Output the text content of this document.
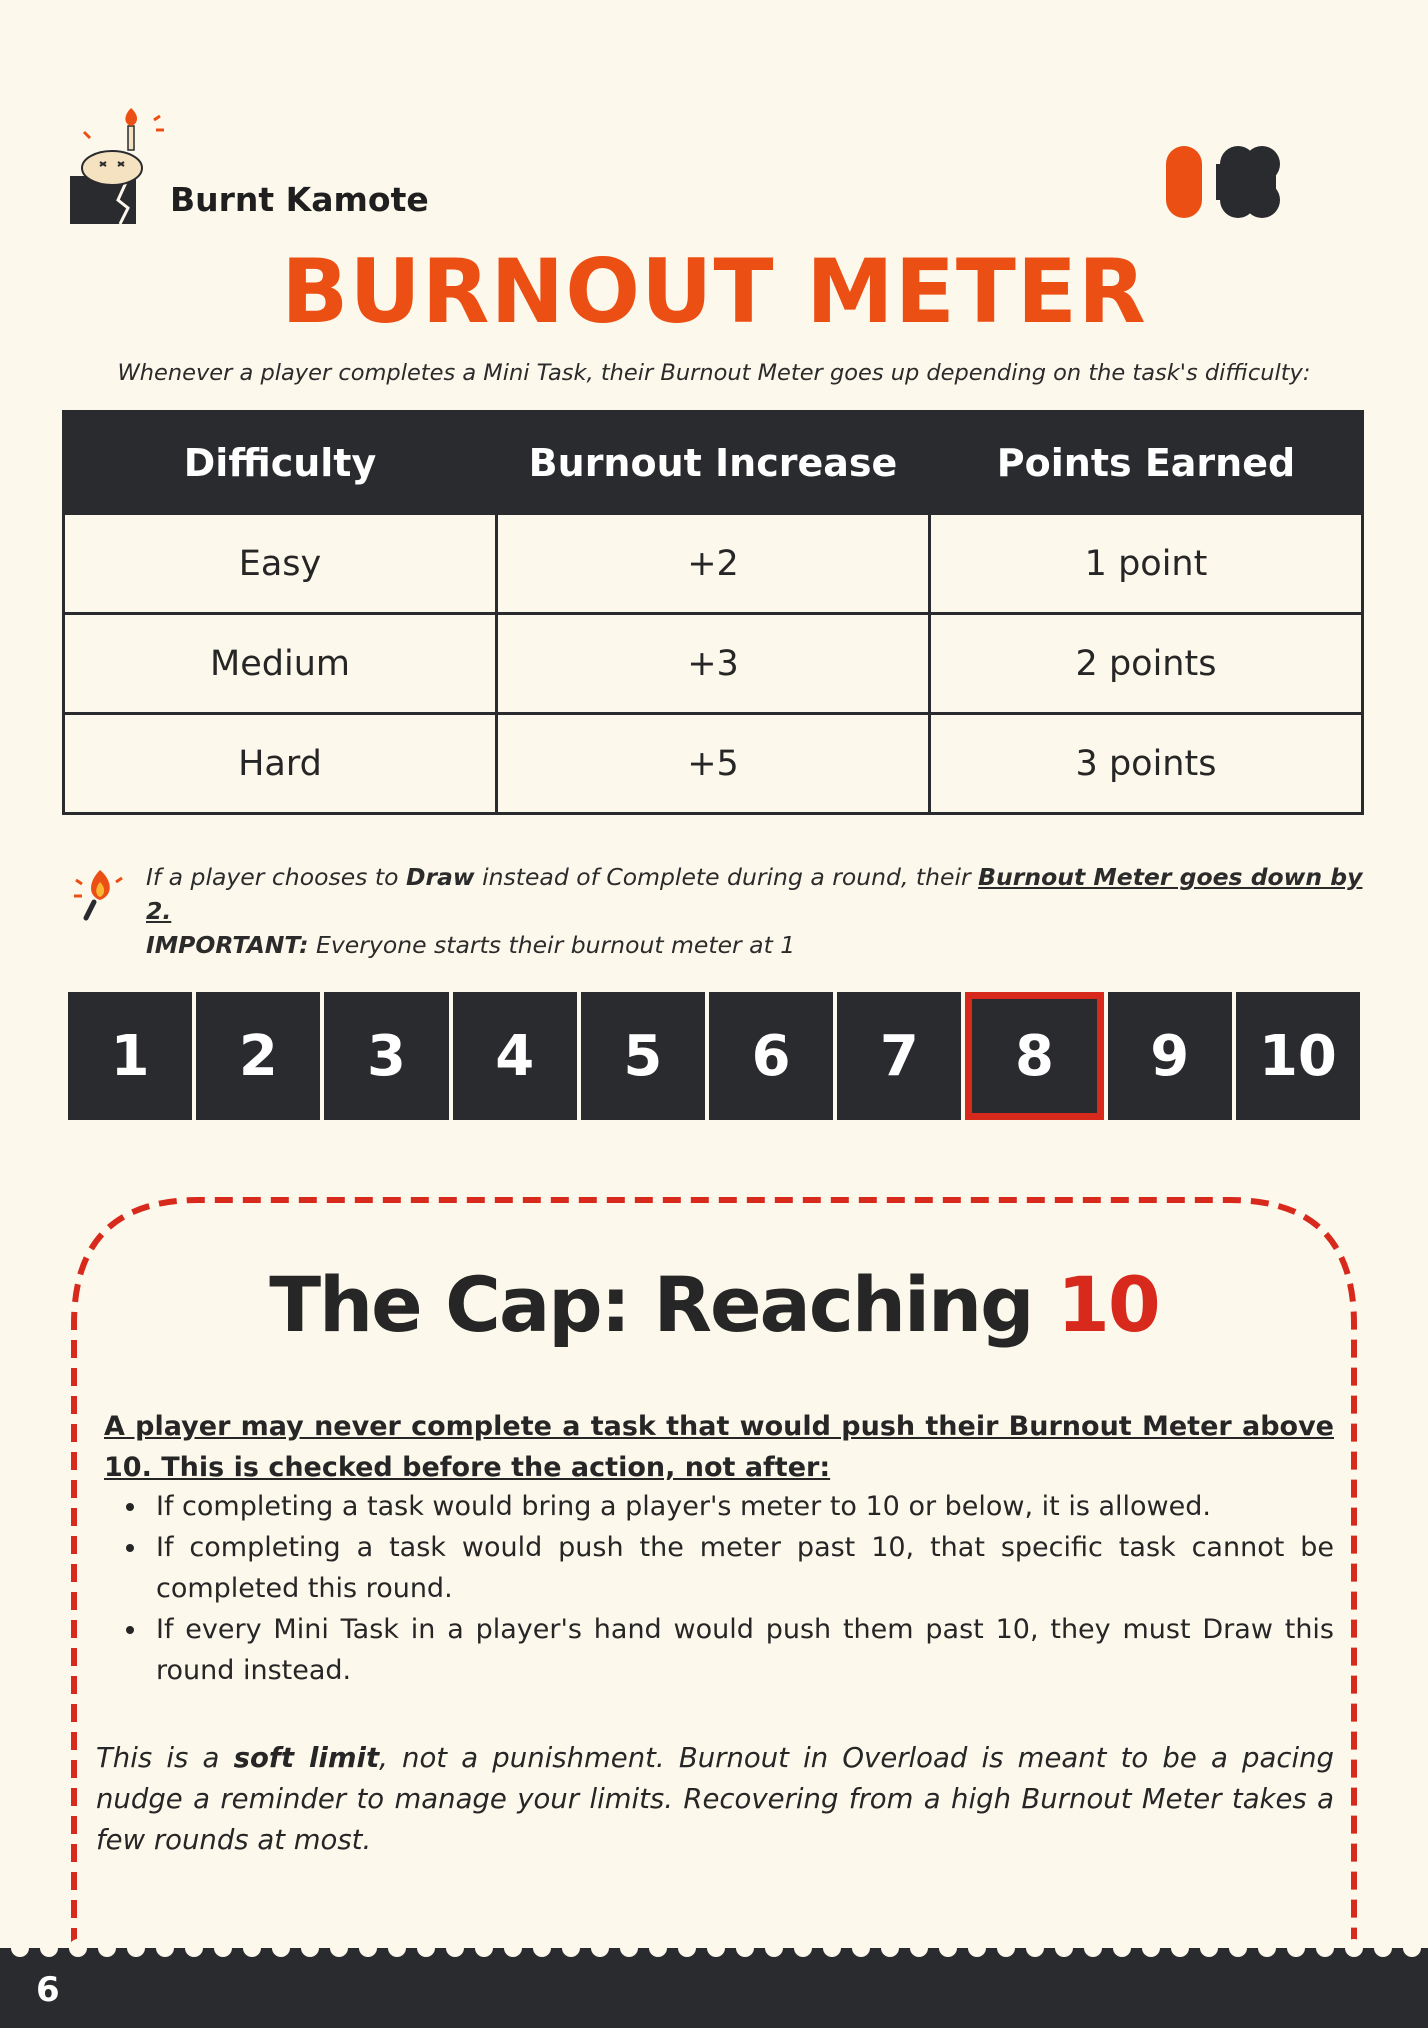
Burnt Kamote
BURNOUT METER
Whenever a player completes a Mini Task, their Burnout Meter goes up depending on the task's difficulty:
Difficulty	Burnout Increase	Points Earned
Easy	+2	1 point
Medium	+3	2 points
Hard	+5	3 points

If a player chooses to Draw instead of Complete during a round, their Burnout Meter goes down by 2.

IMPORTANT: Everyone starts their burnout meter at 1

1	2	3	4	5	6	7	8	9	10
The Cap: Reaching 10
A player may never complete a task that would push their Burnout Meter above 10. This is checked before the action, not after:
If completing a task would bring a player's meter to 10 or below, it is allowed.
If completing a task would push the meter past 10, that specific task cannot be completed this round.
If every Mini Task in a player's hand would push them past 10, they must Draw this round instead.
This is a soft limit, not a punishment. Burnout in Overload is meant to be a pacing nudge a reminder to manage your limits. Recovering from a high Burnout Meter takes a few rounds at most.
6
